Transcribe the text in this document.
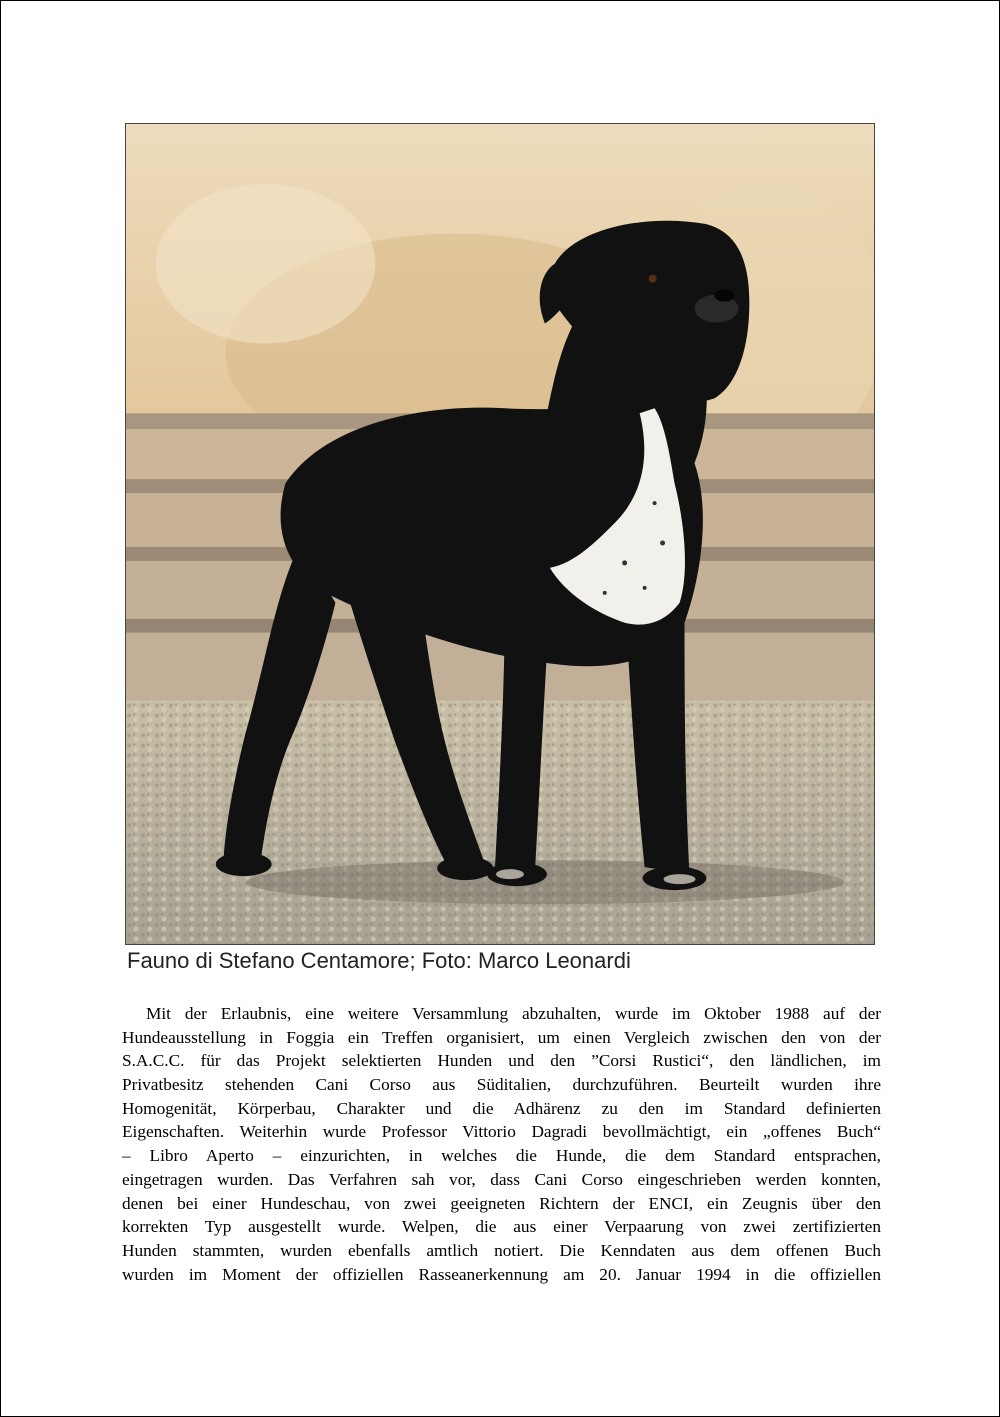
Fauno di Stefano Centamore; Foto: Marco Leonardi
Mit der Erlaubnis, eine weitere Versammlung abzuhalten, wurde im Oktober 1988 auf der
Hundeausstellung in Foggia ein Treffen organisiert, um einen Vergleich zwischen den von der
S.A.C.C. für das Projekt selektierten Hunden und den ”Corsi Rustici“, den ländlichen, im
Privatbesitz stehenden Cani Corso aus Süditalien, durchzuführen. Beurteilt wurden ihre
Homogenität, Körperbau, Charakter und die Adhärenz zu den im Standard definierten
Eigenschaften. Weiterhin wurde Professor Vittorio Dagradi bevollmächtigt, ein „offenes Buch“
– Libro Aperto – einzurichten, in welches die Hunde, die dem Standard entsprachen,
eingetragen wurden. Das Verfahren sah vor, dass Cani Corso eingeschrieben werden konnten,
denen bei einer Hundeschau, von zwei geeigneten Richtern der ENCI, ein Zeugnis über den
korrekten Typ ausgestellt wurde. Welpen, die aus einer Verpaarung von zwei zertifizierten
Hunden stammten, wurden ebenfalls amtlich notiert. Die Kenndaten aus dem offenen Buch
wurden im Moment der offiziellen Rasseanerkennung am 20. Januar 1994 in die offiziellen
